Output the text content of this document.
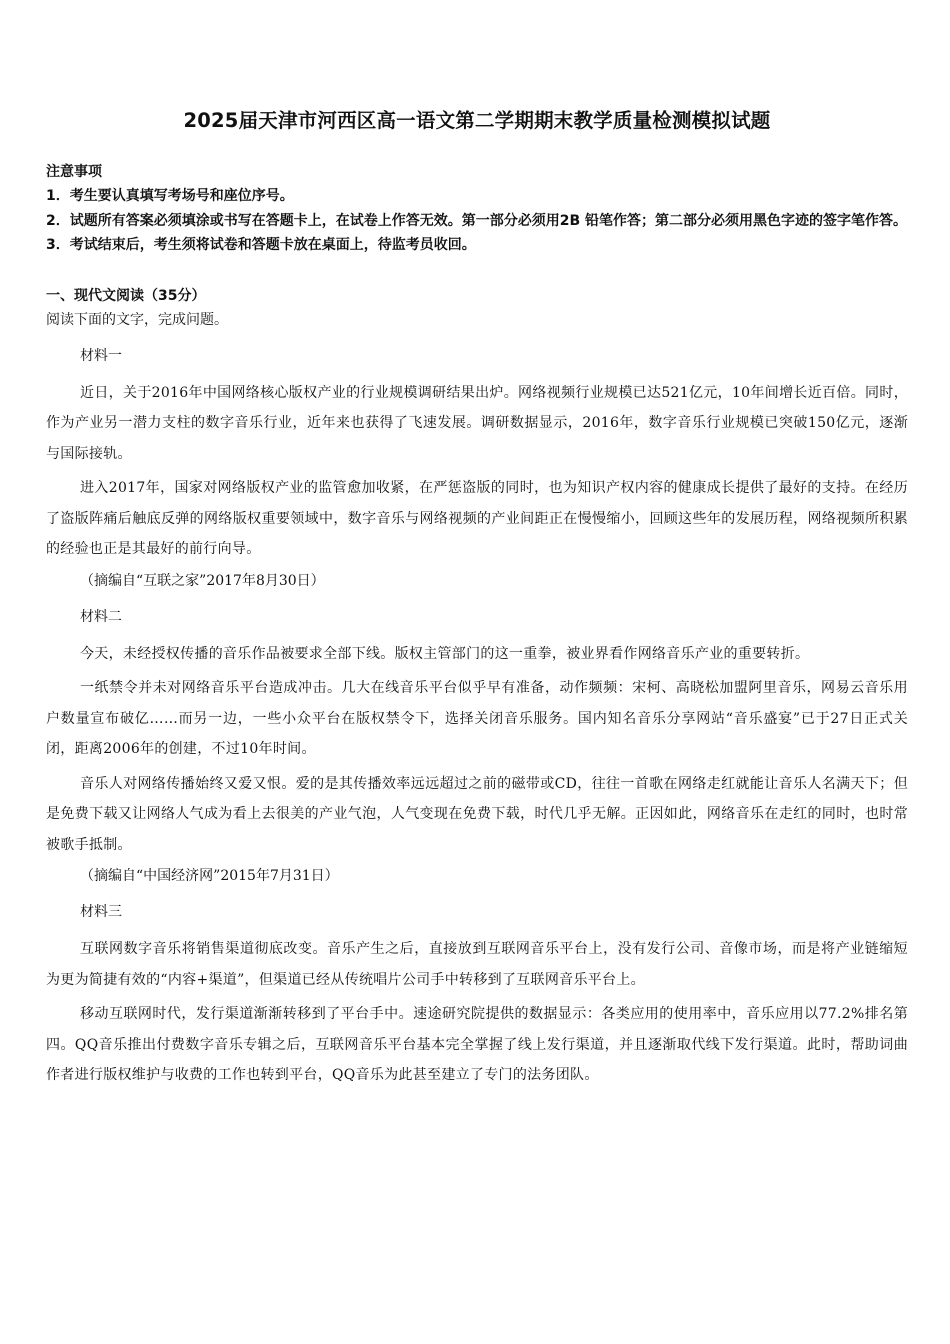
2025届天津市河西区高一语文第二学期期末教学质量检测模拟试题

注意事项

1．考生要认真填写考场号和座位序号。

2．试题所有答案必须填涂或书写在答题卡上，在试卷上作答无效。第一部分必须用2B 铅笔作答；第二部分必须用黑色字迹的签字笔作答。

3．考试结束后，考生须将试卷和答题卡放在桌面上，待监考员收回。

一、现代文阅读（35分）

阅读下面的文字，完成问题。

材料一

近日，关于2016年中国网络核心版权产业的行业规模调研结果出炉。网络视频行业规模已达521亿元，10年间增长近百倍。同时，作为产业另一潜力支柱的数字音乐行业，近年来也获得了飞速发展。调研数据显示，2016年，数字音乐行业规模已突破150亿元，逐渐与国际接轨。

进入2017年，国家对网络版权产业的监管愈加收紧，在严惩盗版的同时，也为知识产权内容的健康成长提供了最好的支持。在经历了盗版阵痛后触底反弹的网络版权重要领域中，数字音乐与网络视频的产业间距正在慢慢缩小，回顾这些年的发展历程，网络视频所积累的经验也正是其最好的前行向导。

（摘编自“互联之家”2017年8月30日）

材料二

今天，未经授权传播的音乐作品被要求全部下线。版权主管部门的这一重拳，被业界看作网络音乐产业的重要转折。

一纸禁令并未对网络音乐平台造成冲击。几大在线音乐平台似乎早有准备，动作频频：宋柯、高晓松加盟阿里音乐，网易云音乐用户数量宣布破亿……而另一边，一些小众平台在版权禁令下，选择关闭音乐服务。国内知名音乐分享网站“音乐盛宴”已于27日正式关闭，距离2006年的创建，不过10年时间。

音乐人对网络传播始终又爱又恨。爱的是其传播效率远远超过之前的磁带或CD，往往一首歌在网络走红就能让音乐人名满天下；但是免费下载又让网络人气成为看上去很美的产业气泡，人气变现在免费下载，时代几乎无解。正因如此，网络音乐在走红的同时，也时常被歌手抵制。

（摘编自“中国经济网”2015年7月31日）

材料三

互联网数字音乐将销售渠道彻底改变。音乐产生之后，直接放到互联网音乐平台上，没有发行公司、音像市场，而是将产业链缩短为更为简捷有效的“内容+渠道”，但渠道已经从传统唱片公司手中转移到了互联网音乐平台上。

移动互联网时代，发行渠道渐渐转移到了平台手中。速途研究院提供的数据显示：各类应用的使用率中，音乐应用以77.2%排名第四。QQ音乐推出付费数字音乐专辑之后，互联网音乐平台基本完全掌握了线上发行渠道，并且逐渐取代线下发行渠道。此时，帮助词曲作者进行版权维护与收费的工作也转到平台，QQ音乐为此甚至建立了专门的法务团队。
